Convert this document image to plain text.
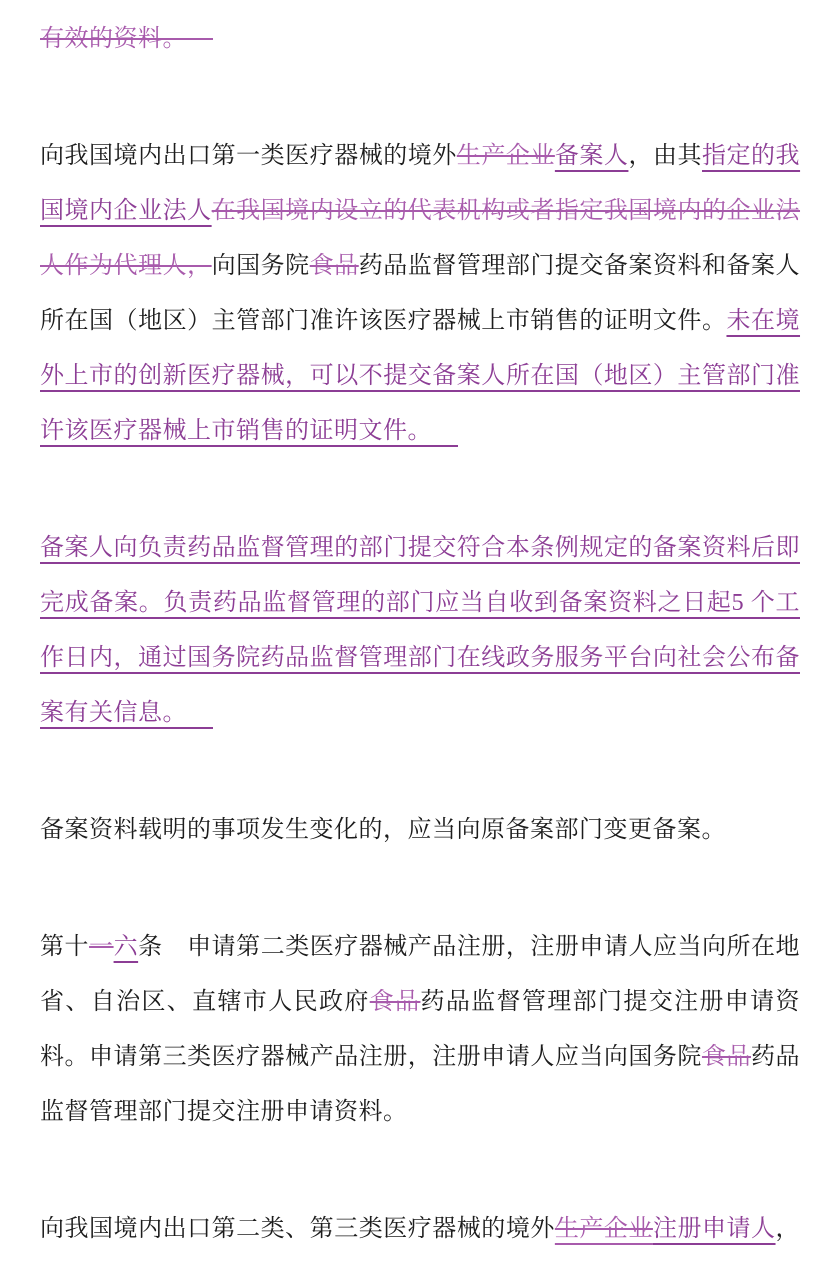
有效的资料。

向我国境内出口第一类医疗器械的境外生产企业备案人，由其指定的我国境内企业法人在我国境内设立的代表机构或者指定我国境内的企业法人作为代理人，向国务院食品药品监督管理部门提交备案资料和备案人所在国（地区）主管部门准许该医疗器械上市销售的证明文件。未在境外上市的创新医疗器械，可以不提交备案人所在国（地区）主管部门准许该医疗器械上市销售的证明文件。

备案人向负责药品监督管理的部门提交符合本条例规定的备案资料后即完成备案。负责药品监督管理的部门应当自收到备案资料之日起5 个工作日内，通过国务院药品监督管理部门在线政务服务平台向社会公布备案有关信息。

备案资料载明的事项发生变化的，应当向原备案部门变更备案。

第十一六条　申请第二类医疗器械产品注册，注册申请人应当向所在地省、自治区、直辖市人民政府食品药品监督管理部门提交注册申请资料。申请第三类医疗器械产品注册，注册申请人应当向国务院食品药品监督管理部门提交注册申请资料。

向我国境内出口第二类、第三类医疗器械的境外生产企业注册申请人，
